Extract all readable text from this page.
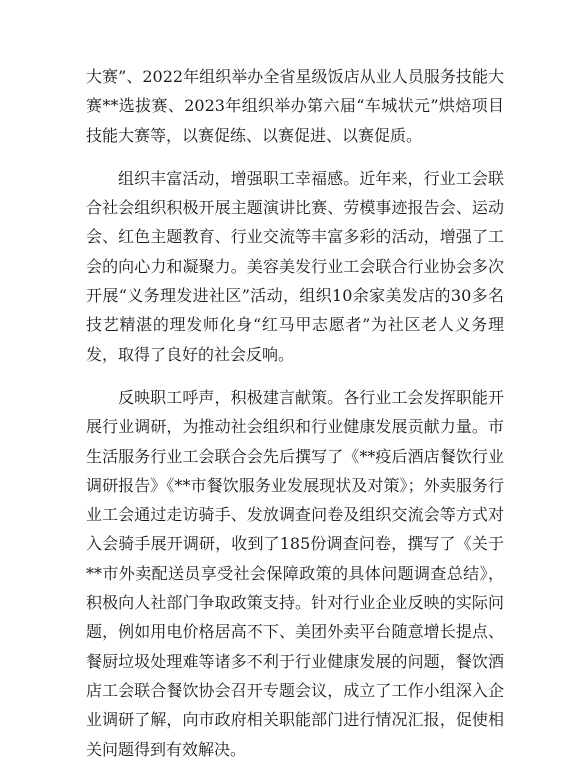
大赛”、2022年组织举办全省星级饭店从业人员服务技能大赛**选拔赛、2023年组织举办第六届“车城状元”烘焙项目技能大赛等，以赛促练、以赛促进、以赛促质。

组织丰富活动，增强职工幸福感。近年来，行业工会联合社会组织积极开展主题演讲比赛、劳模事迹报告会、运动会、红色主题教育、行业交流等丰富多彩的活动，增强了工会的向心力和凝聚力。美容美发行业工会联合行业协会多次开展“义务理发进社区”活动，组织10余家美发店的30多名技艺精湛的理发师化身“红马甲志愿者”为社区老人义务理发，取得了良好的社会反响。

反映职工呼声，积极建言献策。各行业工会发挥职能开展行业调研，为推动社会组织和行业健康发展贡献力量。市生活服务行业工会联合会先后撰写了《**疫后酒店餐饮行业调研报告》《**市餐饮服务业发展现状及对策》；外卖服务行业工会通过走访骑手、发放调查问卷及组织交流会等方式对入会骑手展开调研，收到了185份调查问卷，撰写了《关于**市外卖配送员享受社会保障政策的具体问题调查总结》，积极向人社部门争取政策支持。针对行业企业反映的实际问题，例如用电价格居高不下、美团外卖平台随意增长提点、餐厨垃圾处理难等诸多不利于行业健康发展的问题，餐饮酒店工会联合餐饮协会召开专题会议，成立了工作小组深入企业调研了解，向市政府相关职能部门进行情况汇报，促使相关问题得到有效解决。
